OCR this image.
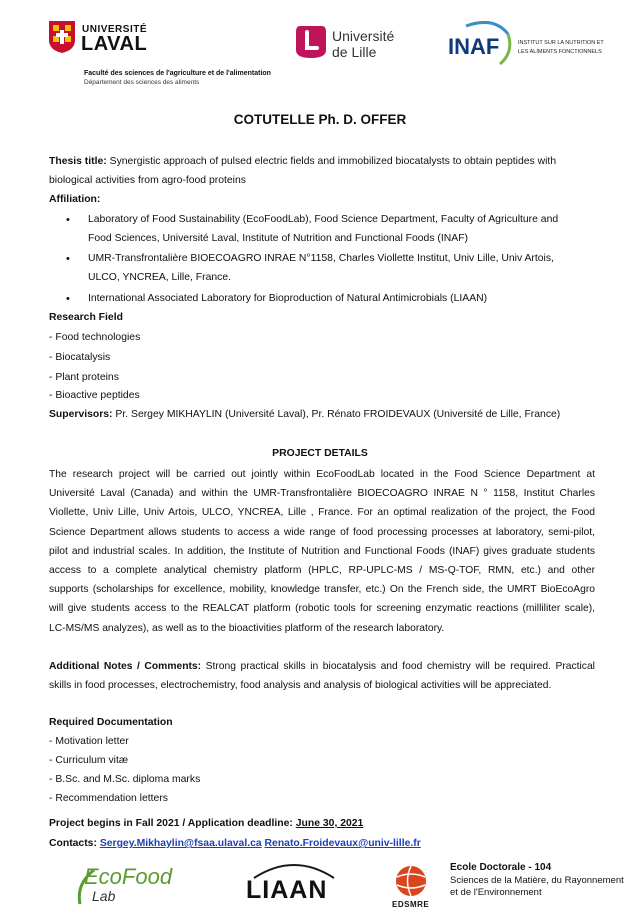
UNIVERSITÉ
LAVAL
Faculté des sciences de l'agriculture et de l'alimentation
Département des sciences des aliments
Université
de Lille	INAF	INSTITUT SUR LA NUTRITION ET
LES ALIMENTS FONCTIONNELS
COTUTELLE Ph. D. OFFER
Thesis title: Synergistic approach of pulsed electric fields and immobilized biocatalysts to obtain peptides with
biological activities from agro-food proteins
Affiliation:
• Laboratory of Food Sustainability (EcoFoodLab), Food Science Department, Faculty of Agriculture and
Food Sciences, Université Laval, Institute of Nutrition and Functional Foods (INAF)
• UMR-Transfrontalière BIOECOAGRO INRAE N°1158, Charles Viollette Institut, Univ Lille, Univ Artois,
ULCO, YNCREA, Lille, France.
• International Associated Laboratory for Bioproduction of Natural Antimicrobials (LIAAN)
Research Field
- Food technologies
- Biocatalysis
- Plant proteins
- Bioactive peptides
Supervisors: Pr. Sergey MIKHAYLIN (Université Laval), Pr. Rénato FROIDEVAUX (Université de Lille, France)
PROJECT DETAILS
The research project will be carried out jointly within EcoFoodLab located in the Food Science Department at
Université Laval (Canada) and within the UMR-Transfrontalière BIOECOAGRO INRAE N ° 1158, Institut Charles
Viollette, Univ Lille, Univ Artois, ULCO, YNCREA, Lille , France. For an optimal realization of the project, the Food
Science Department allows students to access a wide range of food processing processes at laboratory, semi-pilot,
pilot and industrial scales. In addition, the Institute of Nutrition and Functional Foods (INAF) gives graduate students
access to a complete analytical chemistry platform (HPLC, RP-UPLC-MS / MS-Q-TOF, RMN, etc.) and other
supports (scholarships for excellence, mobility, knowledge transfer, etc.) On the French side, the UMRT BioEcoAgro
will give students access to the REALCAT platform (robotic tools for screening enzymatic reactions (milliliter scale),
LC-MS/MS analyzes), as well as to the bioactivities platform of the research laboratory.
Additional Notes / Comments: Strong practical skills in biocatalysis and food chemistry will be required. Practical
skills in food processes, electrochemistry, food analysis and analysis of biological activities will be appreciated.
Required Documentation
- Motivation letter
- Curriculum vitæ
- B.Sc. and M.Sc. diploma marks
- Recommendation letters
Project begins in Fall 2021 / Application deadline: June 30, 2021
Contacts: Sergey.Mikhaylin@fsaa.ulaval.ca Renato.Froidevaux@univ-lille.fr
EcoFood
Lab	LIAAN
EDSMRE
Ecole Doctorale - 104
Sciences de la Matière, du Rayonnement
et de l'Environnement
